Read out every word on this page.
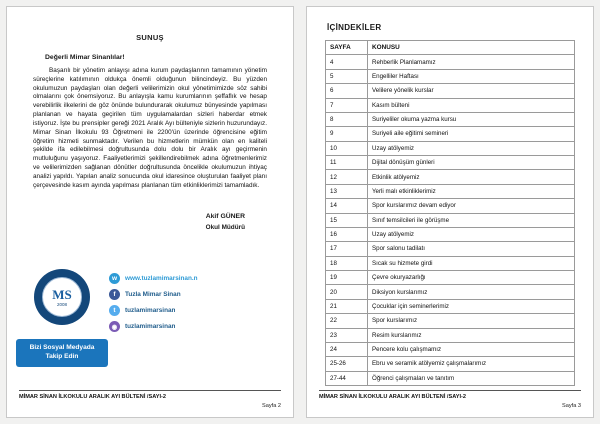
SUNUŞ
Değerli Mimar Sinanlılar!
Başarılı bir yönetim anlayışı adına kurum paydaşlarının tamamının yönetim süreçlerine katılımının oldukça önemli olduğunun bilincindeyiz. Bu yüzden okulumuzun paydaşları olan değerli velilerimizin okul yönetimimizde söz sahibi olmalarını çok önemsiyoruz. Bu anlayışla kamu kurumlarının şeffaflık ve hesap verebilirlik ilkelerini de göz önünde bulundurarak okulumuz bünyesinde yapılması planlanan ve hayata geçirilen tüm uygulamalardan sizleri haberdar etmek istiyoruz. İşte bu prensipler gereği 2021 Aralık Ayı bülteniyle sizlerin huzurundayız. Mimar Sinan İlkokulu 93 Öğretmeni ile 2200'ün üzerinde öğrencisine eğitim öğretim hizmeti sunmaktadır. Verilen bu hizmetlerin mümkün olan en kaliteli şekilde ifa edilebilmesi doğrultusunda dolu dolu bir Aralık ayı geçirmenin mutluluğunu yaşıyoruz. Faaliyetlerimizi şekillendirebilmek adına öğretmenlerimiz ve velilerimizden sağlanan dönütler doğrultusunda öncelikle okulumuzun ihtiyaç analizi yapıldı. Yapılan analiz sonucunda okul idaresince oluşturulan faaliyet planı çerçevesinde kasım ayında yapılması planlanan tüm etkinliklerimizi tamamladık.
Akif GÜNER
Okul Müdürü
MS
2008
Bizi Sosyal Medyada Takip Edin
w	www.tuzlamimarsinan.n
f	Tuzla Mimar Sinan
t	tuzlamimarsinan
◉	tuzlamimarsinan
MİMAR SİNAN İLKOKULU ARALIK AYI BÜLTENİ /SAYI-2
Sayfa 2
İÇİNDEKİLER
SAYFA	KONUSU
4	Rehberlik Planlamamız
5	Engelliler Haftası
6	Velilere yönelik kurslar
7	Kasım bülteni
8	Suriyeliler okuma yazma kursu
9	Suriyeli aile eğitimi semineri
10	Uzay atölyemiz
11	Dijital dönüşüm günleri
12	Etkinlik atölyemiz
13	Yerli malı etkinliklerimiz
14	Spor kurslarımız devam ediyor
15	Sınıf temsilcileri ile görüşme
16	Uzay atölyemiz
17	Spor salonu tadilatı
18	Sıcak su hizmete girdi
19	Çevre okuryazarlığı
20	Diksiyon kurslarımız
21	Çocuklar için seminerlerimiz
22	Spor kurslarımız
23	Resim kurslarımız
24	Pencere kolu çalışmamız
25-26	Ebru ve seramik atölyemiz çalışmalarımız
27-44	Öğrenci çalışmaları ve tanıtım
MİMAR SİNAN İLKOKULU ARALIK AYI BÜLTENİ /SAYI-2
Sayfa 3
